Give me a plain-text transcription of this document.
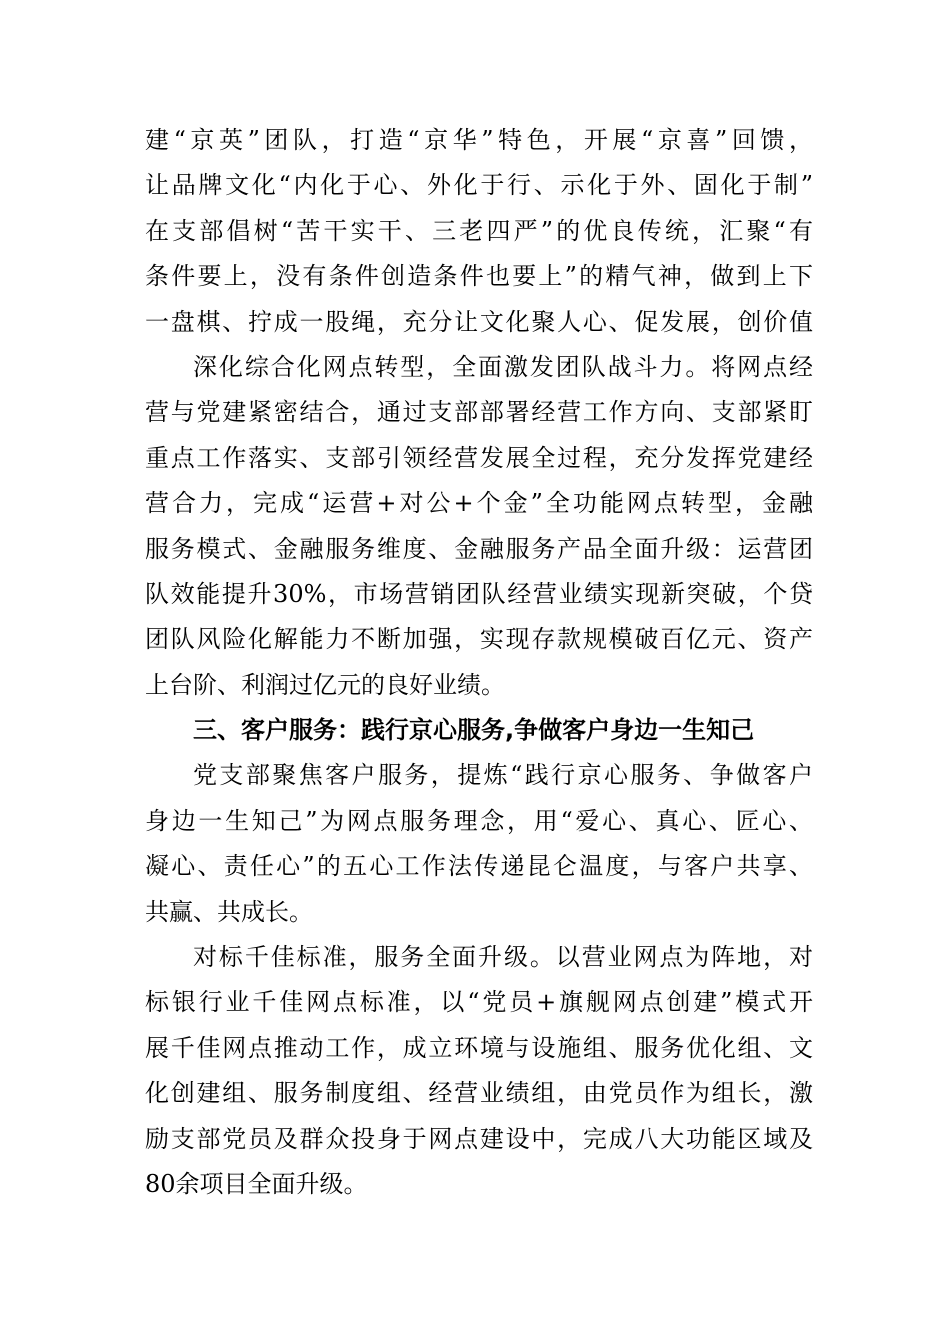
建“京英”团队，打造“京华”特色，开展“京喜”回馈，
让品牌文化“内化于心、外化于行、示化于外、固化于制”
在支部倡树“苦干实干、三老四严”的优良传统，汇聚“有
条件要上，没有条件创造条件也要上”的精气神，做到上下
一盘棋、拧成一股绳，充分让文化聚人心、促发展，创价值
深化综合化网点转型，全面激发团队战斗力。将网点经
营与党建紧密结合，通过支部部署经营工作方向、支部紧盯
重点工作落实、支部引领经营发展全过程，充分发挥党建经
营合力，完成“运营+对公+个金”全功能网点转型，金融
服务模式、金融服务维度、金融服务产品全面升级：运营团
队效能提升30%，市场营销团队经营业绩实现新突破，个贷
团队风险化解能力不断加强，实现存款规模破百亿元、资产
上台阶、利润过亿元的良好业绩。
三、客户服务：践行京心服务,争做客户身边一生知己
党支部聚焦客户服务，提炼“践行京心服务、争做客户
身边一生知己”为网点服务理念，用“爱心、真心、匠心、
凝心、责任心”的五心工作法传递昆仑温度，与客户共享、
共赢、共成长。
对标千佳标准，服务全面升级。以营业网点为阵地，对
标银行业千佳网点标准，以“党员+旗舰网点创建”模式开
展千佳网点推动工作，成立环境与设施组、服务优化组、文
化创建组、服务制度组、经营业绩组，由党员作为组长，激
励支部党员及群众投身于网点建设中，完成八大功能区域及
80余项目全面升级。
